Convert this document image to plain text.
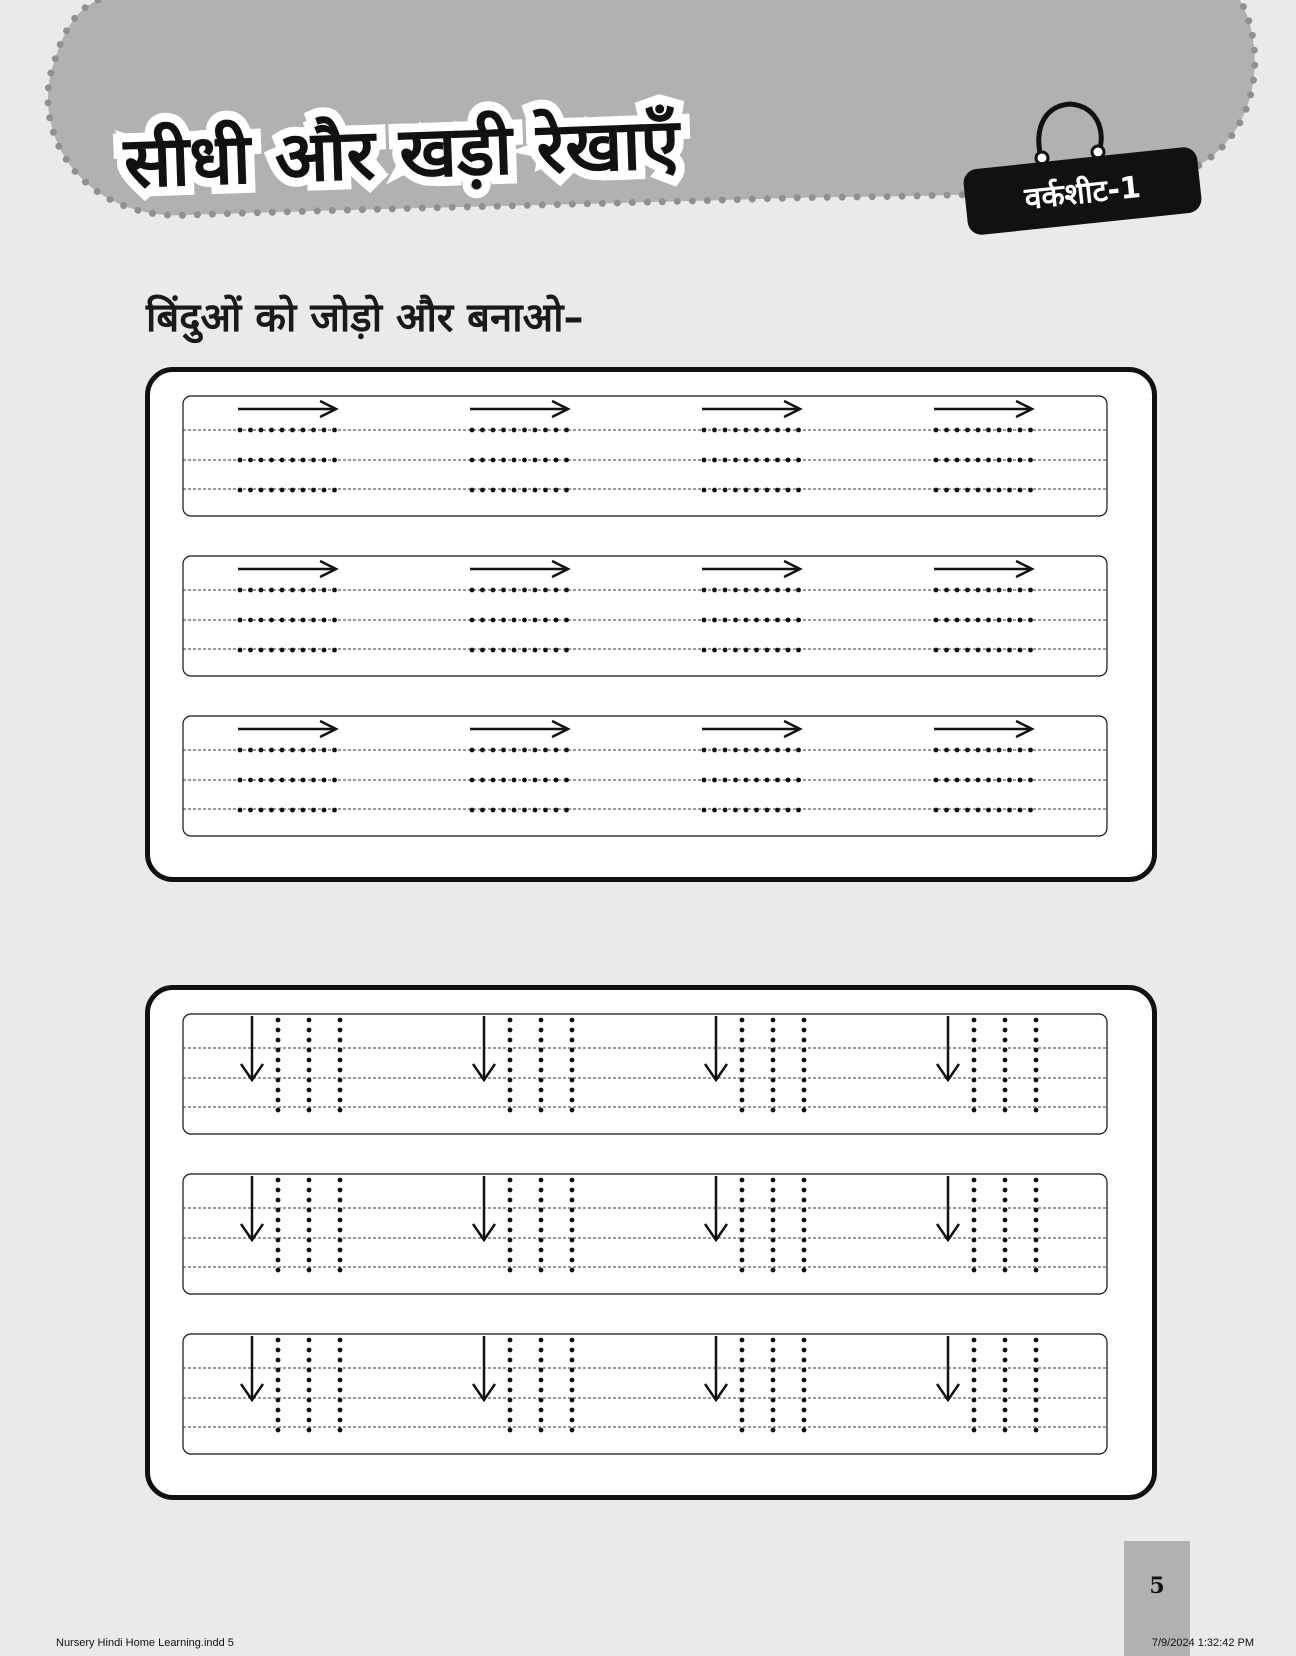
सीधी और खड़ी रेखाएँ	वर्कशीट-1

बिंदुओं को जोड़ो और बनाओ–

5
Nursery Hindi Home Learning.indd 5	7/9/2024 1:32:42 PM
